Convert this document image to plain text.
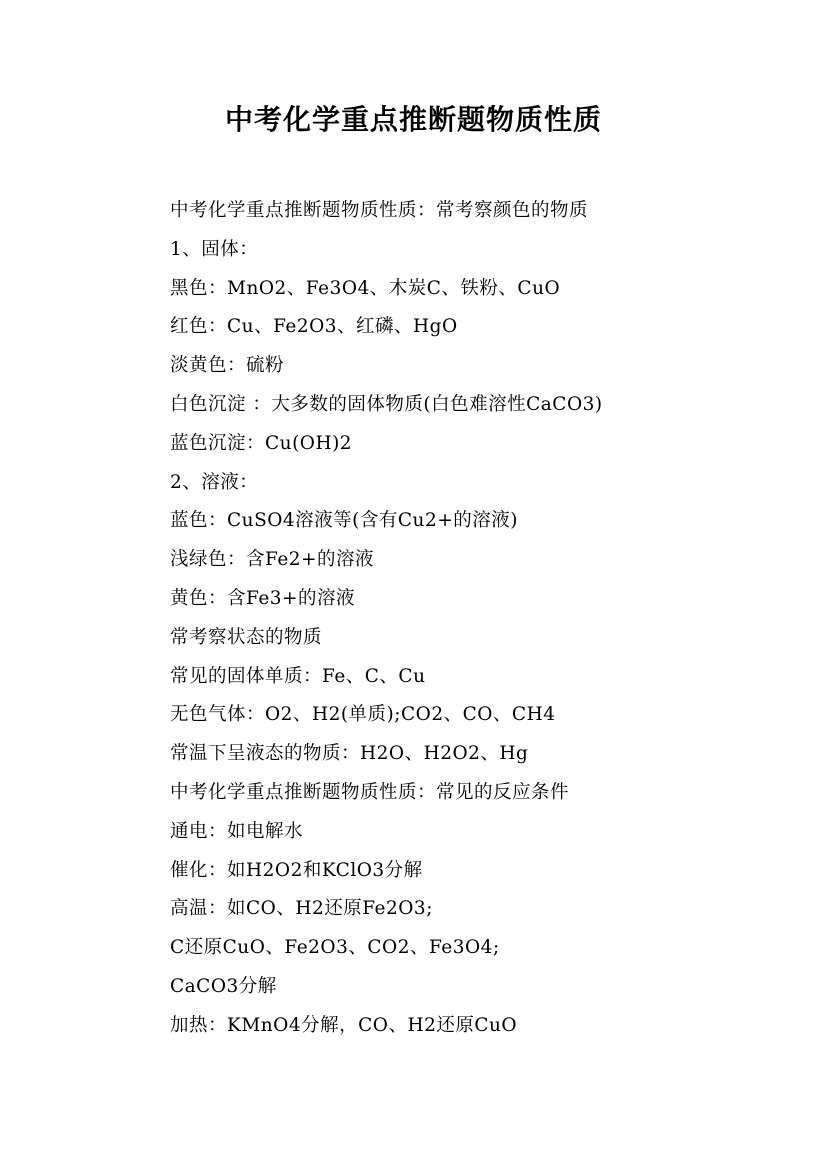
中考化学重点推断题物质性质
中考化学重点推断题物质性质：常考察颜色的物质
1、固体：
黑色：MnO2、Fe3O4、木炭C、铁粉、CuO
红色：Cu、Fe2O3、红磷、HgO
淡黄色：硫粉
白色沉淀 ：大多数的固体物质(白色难溶性CaCO3)
蓝色沉淀：Cu(OH)2
2、溶液：
蓝色：CuSO4溶液等(含有Cu2+的溶液)
浅绿色：含Fe2+的溶液
黄色：含Fe3+的溶液
常考察状态的物质
常见的固体单质：Fe、C、Cu
无色气体：O2、H2(单质);CO2、CO、CH4
常温下呈液态的物质：H2O、H2O2、Hg
中考化学重点推断题物质性质：常见的反应条件
通电：如电解水
催化：如H2O2和KClO3分解
高温：如CO、H2还原Fe2O3;
C还原CuO、Fe2O3、CO2、Fe3O4;
CaCO3分解
加热：KMnO4分解，CO、H2还原CuO
